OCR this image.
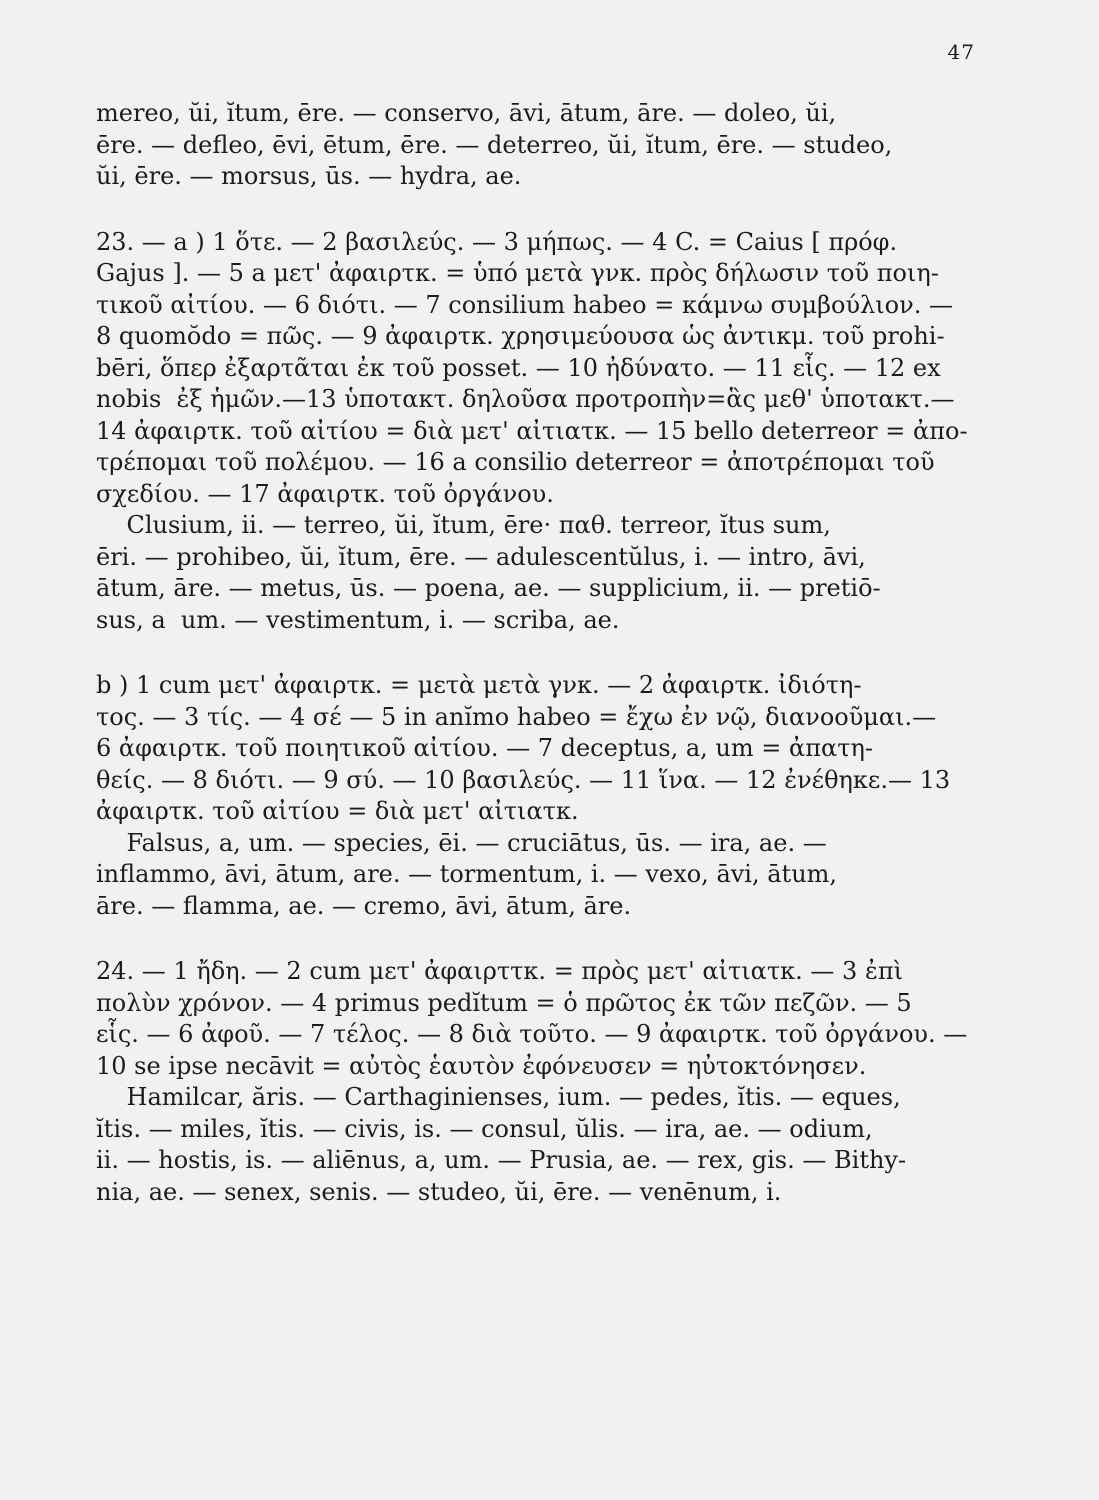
47
mereo, ŭi, ĭtum, ēre. — conservo, āvi, ātum, āre. — doleo, ŭi,
ēre. — defleo, ēvi, ētum, ēre. — deterreo, ŭi, ĭtum, ēre. — studeo,
ŭi, ēre. — morsus, ūs. — hydra, ae.
23. — a ) 1 ὅτε. — 2 βασιλεύς. — 3 μήπως. — 4 C. = Caius [ πρόφ.
Gajus ]. — 5 a μετ' ἀφαιρτκ. = ὑπό μετὰ γνκ. πρὸς δήλωσιν τοῦ ποιη-
τικοῦ αἰτίου. — 6 διότι. — 7 consilium habeo = κάμνω συμβούλιον. —
8 quomŏdo = πῶς. — 9 ἀφαιρτκ. χρησιμεύουσα ὡς ἀντικμ. τοῦ prohi-
bēri, ὅπερ ἐξαρτᾶται ἐκ τοῦ posset. — 10 ἠδύνατο. — 11 εἷς. — 12 ex
nobis  ἐξ ἡμῶν.—13 ὑποτακτ. δηλοῦσα προτροπὴν=ἃς μεθ' ὑποτακτ.—
14 ἀφαιρτκ. τοῦ αἰτίου = διὰ μετ' αἰτιατκ. — 15 bello deterreor = ἀπο-
τρέπομαι τοῦ πολέμου. — 16 a consilio deterreor = ἀποτρέπομαι τοῦ
σχεδίου. — 17 ἀφαιρτκ. τοῦ ὀργάνου.
Clusium, ii. — terreo, ŭi, ĭtum, ēre· παθ. terreor, ĭtus sum,
ēri. — prohibeo, ŭi, ĭtum, ēre. — adulescentŭlus, i. — intro, āvi,
ātum, āre. — metus, ūs. — poena, ae. — supplicium, ii. — pretiō-
sus, a  um. — vestimentum, i. — scriba, ae.
b ) 1 cum μετ' ἀφαιρτκ. = μετὰ μετὰ γνκ. — 2 ἀφαιρτκ. ἰδιότη-
τος. — 3 τίς. — 4 σέ — 5 in anĭmo habeo = ἔχω ἐν νῷ, διανοοῦμαι.—
6 ἀφαιρτκ. τοῦ ποιητικοῦ αἰτίου. — 7 deceptus, a, um = ἀπατη-
θείς. — 8 διότι. — 9 σύ. — 10 βασιλεύς. — 11 ἵνα. — 12 ἐνέθηκε.— 13
ἀφαιρτκ. τοῦ αἰτίου = διὰ μετ' αἰτιατκ.
Falsus, a, um. — species, ēi. — cruciātus, ūs. — ira, ae. —
inflammo, āvi, ātum, are. — tormentum, i. — vexo, āvi, ātum,
āre. — flamma, ae. — cremo, āvi, ātum, āre.
24. — 1 ἤδη. — 2 cum μετ' ἀφαιρττκ. = πρὸς μετ' αἰτιατκ. — 3 ἐπὶ
πολὺν χρόνον. — 4 primus pedĭtum = ὁ πρῶτος ἐκ τῶν πεζῶν. — 5
εἷς. — 6 ἀφοῦ. — 7 τέλος. — 8 διὰ τοῦτο. — 9 ἀφαιρτκ. τοῦ ὀργάνου. —
10 se ipse necāvit = αὐτὸς ἑαυτὸν ἐφόνευσεν = ηὐτοκτόνησεν.
Hamilcar, ăris. — Carthaginienses, ium. — pedes, ĭtis. — eques,
ĭtis. — miles, ĭtis. — civis, is. — consul, ŭlis. — ira, ae. — odium,
ii. — hostis, is. — aliēnus, a, um. — Prusia, ae. — rex, gis. — Bithy-
nia, ae. — senex, senis. — studeo, ŭi, ēre. — venēnum, i.
